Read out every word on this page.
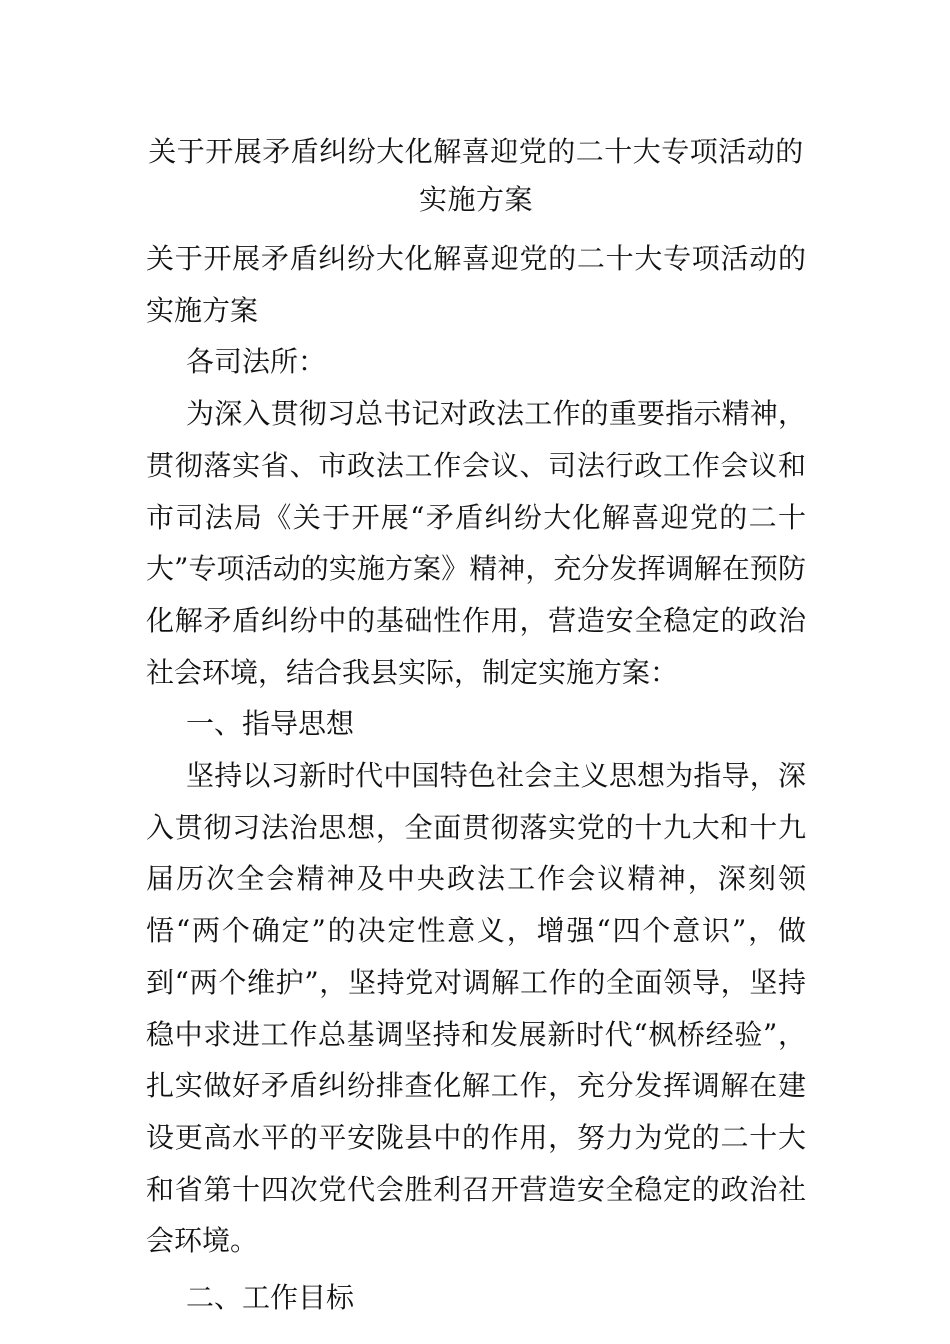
关于开展矛盾纠纷大化解喜迎党的二十大专项活动的实施方案

关于开展矛盾纠纷大化解喜迎党的二十大专项活动的实施方案

各司法所：

为深入贯彻习总书记对政法工作的重要指示精神，贯彻落实省、市政法工作会议、司法行政工作会议和市司法局《关于开展“矛盾纠纷大化解喜迎党的二十大”专项活动的实施方案》精神，充分发挥调解在预防化解矛盾纠纷中的基础性作用，营造安全稳定的政治社会环境，结合我县实际，制定实施方案：

一、指导思想

坚持以习新时代中国特色社会主义思想为指导，深入贯彻习法治思想，全面贯彻落实党的十九大和十九届历次全会精神及中央政法工作会议精神，深刻领悟“两个确定”的决定性意义，增强“四个意识”，做到“两个维护”，坚持党对调解工作的全面领导，坚持稳中求进工作总基调坚持和发展新时代“枫桥经验”，扎实做好矛盾纠纷排查化解工作，充分发挥调解在建设更高水平的平安陇县中的作用，努力为党的二十大和省第十四次党代会胜利召开营造安全稳定的政治社会环境。

二、工作目标
